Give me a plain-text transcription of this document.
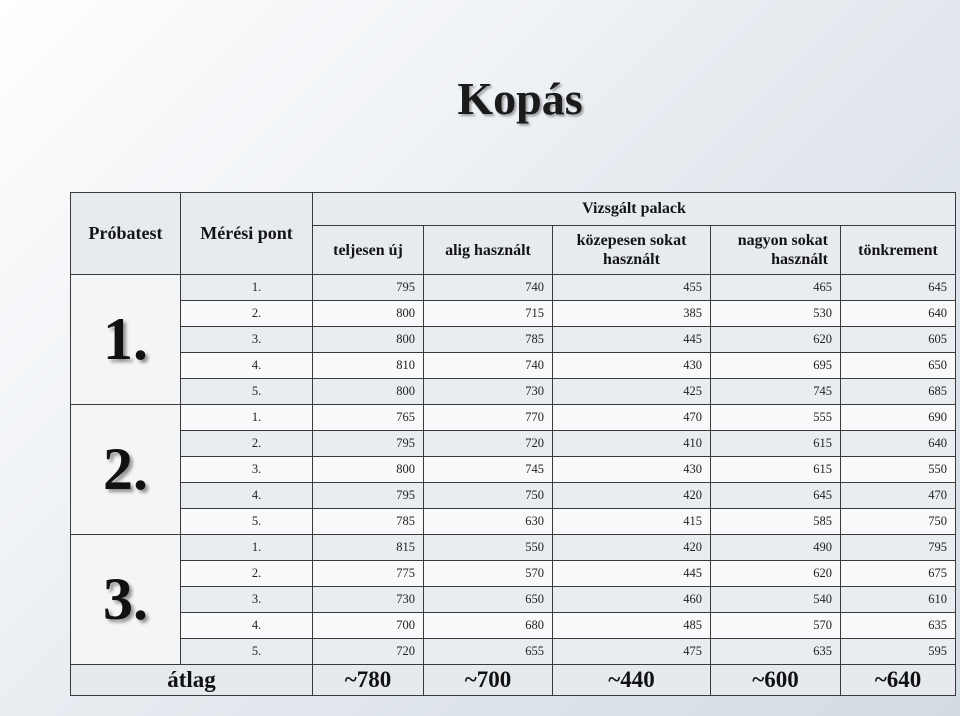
Kopás
Próbatest	Mérési pont	Vizsgált palack				
		teljesen új	alig használt	közepesen sokat használt	nagyon sokat használt	tönkrement
1.	1.	795	740	455	465	645
	2.	800	715	385	530	640
	3.	800	785	445	620	605
	4.	810	740	430	695	650
	5.	800	730	425	745	685
2.	1.	765	770	470	555	690
	2.	795	720	410	615	640
	3.	800	745	430	615	550
	4.	795	750	420	645	470
	5.	785	630	415	585	750
3.	1.	815	550	420	490	795
	2.	775	570	445	620	675
	3.	730	650	460	540	610
	4.	700	680	485	570	635
	5.	720	655	475	635	595
átlag		~780	~700	~440	~600	~640
